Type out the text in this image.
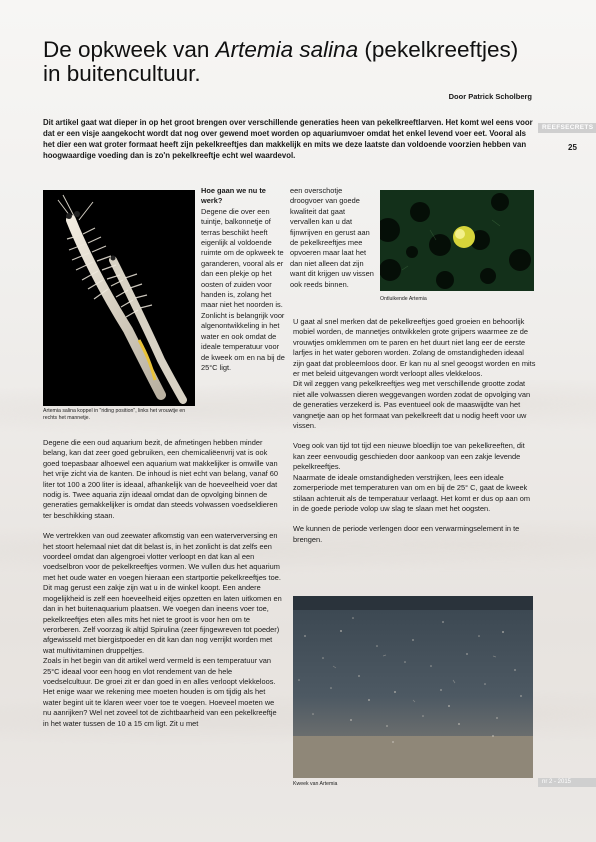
De opkweek van Artemia salina (pekelkreeftjes)
in buitencultuur.
Door Patrick Scholberg
REEFSECRETS
25
Dit artikel gaat wat dieper in op het groot brengen over verschillende generaties heen van pekelkreeftlarven. Het komt wel eens voor dat er een visje aangekocht wordt dat nog over gewend moet worden op aquariumvoer omdat het enkel levend voer eet. Vooral als het dier een wat groter formaat heeft zijn pekelkreeftjes dan makkelijk en mits we deze laatste dan voldoende voorzien hebben van hoogwaardige voeding dan is zo'n pekelkreeftje echt wel waardevol.
Artemia salina koppel in "riding position", links het vrouwtje en rechts het mannetje.
Hoe gaan we nu te werk?
Degene die over een tuintje, balkonnetje of terras beschikt heeft eigenlijk al voldoende ruimte om de opkweek te garanderen, vooral als er dan een plekje op het oosten of zuiden voor handen is, zolang het maar niet het noorden is. Zonlicht is belangrijk voor algenontwikkeling in het water en ook omdat de ideale temperatuur voor de kweek om en na bij de 25°C ligt.

Degene die een oud aquarium bezit, de afmetingen hebben minder belang, kan dat zeer goed gebruiken, een chemicaliëenvrij vat is ook goed toepasbaar alhoewel een aquarium wat makkelijker is omwille van het vrije zicht via de kanten. De inhoud is niet echt van belang, vanaf 60 liter tot 100 a 200 liter is ideaal, afhankelijk van de hoeveelheid voer dat nodig is. Twee aquaria zijn ideaal omdat dan de opvolging binnen de generaties gemakkelijker is omdat dan steeds volwassen voedseldieren ter beschikking staan.

We vertrekken van oud zeewater afkomstig van een waterverversing en het stoort helemaal niet dat dit belast is, in het zonlicht is dat zelfs een voordeel omdat dan algengroei vlotter verloopt en dat kan al een voedselbron voor de pekelkreeftjes vormen. We vullen dus het aquarium met het oude water en voegen hieraan een startportie pekelkreeftjes toe. Dit mag gerust een zakje zijn wat u in de winkel koopt. Een andere mogelijkheid is zelf een hoeveelheid eitjes opzetten en laten uitkomen en dan in het buitenaquarium plaatsen. We voegen dan ineens voer toe, pekelkreeftjes eten alles mits het niet te groot is voor hen om te verorberen. Zelf voorzag ik altijd Spirulina (zeer fijngewreven tot poeder) afgewisseld met biergistpoeder en dit kan dan nog verrijkt worden met wat multivitaminen druppeltjes.

Zoals in het begin van dit artikel werd vermeld is een temperatuur van 25°C ideaal voor een hoog en vlot rendement van de hele voedselcultuur. De groei zit er dan goed in en alles verloopt vlekkeloos. Het enige waar we rekening mee moeten houden is om tijdig als het water begint uit te klaren weer voer toe te voegen. Hoeveel moeten we nu aanrijken? Wel net zoveel tot de zichtbaarheid van een pekelkreeftje in het water tussen de 10 a 15 cm ligt. Zit u met

een overschotje droogvoer van goede kwaliteit dat gaat vervallen kan u dat fijnwrijven en gerust aan de pekelkreeftjes mee opvoeren maar laat het dan niet alleen dat zijn want dit krijgen uw vissen ook reeds binnen.
Ontluikende Artemia

U gaat al snel merken dat de pekelkreeftjes goed groeien en behoorlijk mobiel worden, de mannetjes ontwikkelen grote grijpers waarmee ze de vrouwtjes omklemmen om te paren en het duurt niet lang eer de eerste larfjes in het water geboren worden. Zolang de omstandigheden ideaal zijn gaat dat probleemloos door. Er kan nu al snel geoogst worden en mits er met beleid uitgevangen wordt verloopt alles vlekkeloos.
Dit wil zeggen vang pekelkreeftjes weg met verschillende grootte zodat niet alle volwassen dieren weggevangen worden zodat de opvolging van de generaties verzekerd is. Pas eventueel ook de maaswijdte van het vangnetje aan op het formaat van pekelkreeft dat u nodig heeft voor uw vissen.

Voeg ook van tijd tot tijd een nieuwe bloedlijn toe van pekelkreeften, dit kan zeer eenvoudig geschieden door aankoop van een zakje levende pekelkreeftjes.
Naarmate de ideale omstandigheden verstrijken, lees een ideale zomerperiode met temperaturen van om en bij de 25° C, gaat de kweek stilaan achteruit als de temperatuur verlaagt. Het komt er dus op aan om in de goede periode volop uw slag te slaan met het oogsten.

We kunnen de periode verlengen door een verwarmingselement in te brengen.

Kweek van Artemia	nr 2 - 2015
